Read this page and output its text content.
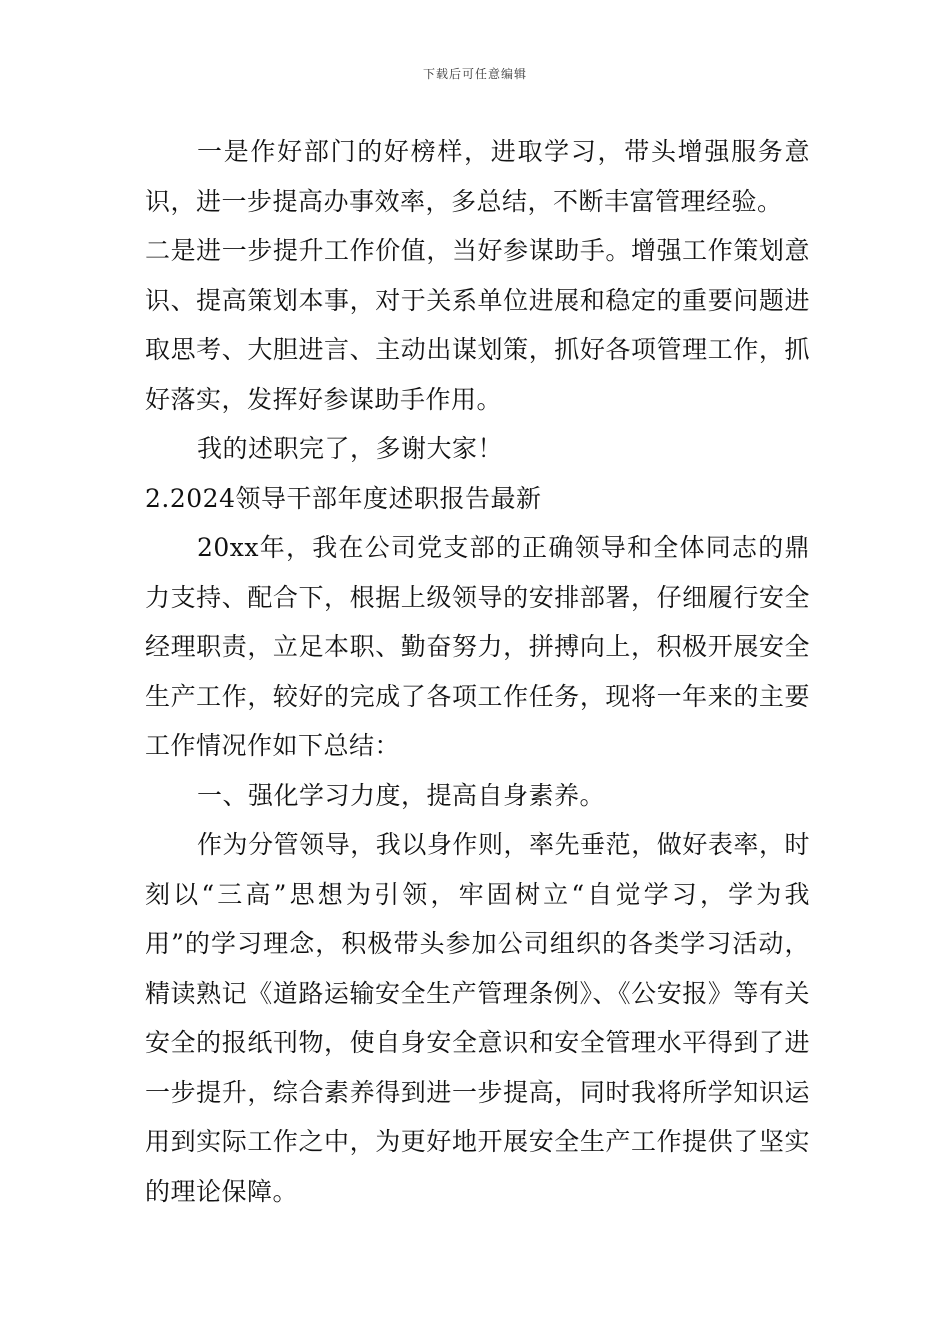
下载后可任意编辑

一是作好部门的好榜样，进取学习，带头增强服务意识，进一步提高办事效率，多总结，不断丰富管理经验。

二是进一步提升工作价值，当好参谋助手。增强工作策划意识、提高策划本事，对于关系单位进展和稳定的重要问题进取思考、大胆进言、主动出谋划策，抓好各项管理工作，抓好落实，发挥好参谋助手作用。

我的述职完了，多谢大家！

2.2024领导干部年度述职报告最新

20xx年，我在公司党支部的正确领导和全体同志的鼎力支持、配合下，根据上级领导的安排部署，仔细履行安全经理职责，立足本职、勤奋努力，拼搏向上，积极开展安全生产工作，较好的完成了各项工作任务，现将一年来的主要工作情况作如下总结：

一、强化学习力度，提高自身素养。

作为分管领导，我以身作则，率先垂范，做好表率，时刻以“三高”思想为引领，牢固树立“自觉学习，学为我用”的学习理念，积极带头参加公司组织的各类学习活动，精读熟记《道路运输安全生产管理条例》、《公安报》等有关安全的报纸刊物，使自身安全意识和安全管理水平得到了进一步提升，综合素养得到进一步提高，同时我将所学知识运用到实际工作之中，为更好地开展安全生产工作提供了坚实的理论保障。
